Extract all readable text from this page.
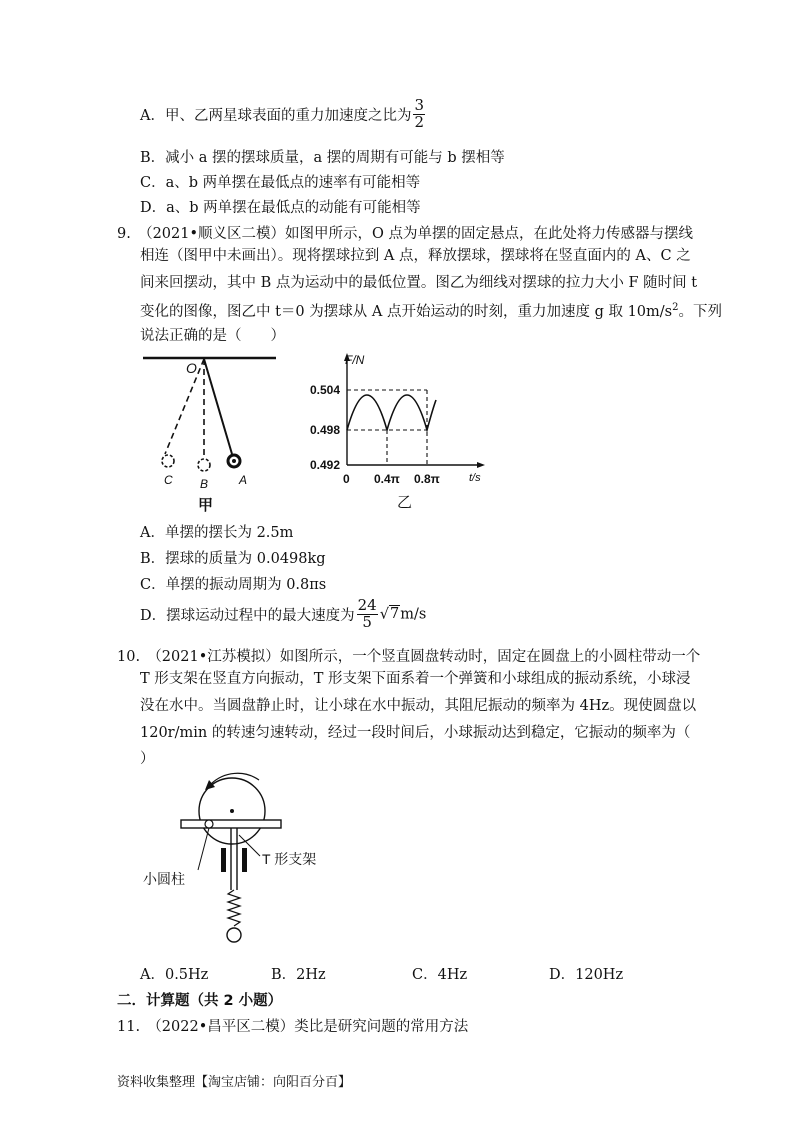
A．甲、乙两星球表面的重力加速度之比为 $\frac{3}{2}$
B．减小 a 摆的摆球质量，a 摆的周期有可能与 b 摆相等
C．a、b 两单摆在最低点的速率有可能相等
D．a、b 两单摆在最低点的动能有可能相等
9.　（2021•顺义区二模）如图甲所示，O 点为单摆的固定悬点，在此处将力传感器与摆线
相连（图甲中未画出）。现将摆球拉到 A 点，释放摆球，摆球将在竖直面内的 A、C 之
间来回摆动，其中 B 点为运动中的最低位置。图乙为细线对摆球的拉力大小 F 随时间 t
变化的图像，图乙中 t＝0 为摆球从 A 点开始运动的时刻，重力加速度 g 取 $10m/s^2$。下列
说法正确的是（　　）
O
C B	A
甲
F/N
t/s
0.504
0.498
0.492
0 0.4π 0.8π
乙
A．单摆的摆长为 2.5m
B．摆球的质量为 0.0498kg
C．单摆的振动周期为 0.8πs
D．摆球运动过程中的最大速度为 $\frac{24}{5} √7m/s$
10.　（2021•江苏模拟）如图所示，一个竖直圆盘转动时，固定在圆盘上的小圆柱带动一个
T 形支架在竖直方向振动，T 形支架下面系着一个弹簧和小球组成的振动系统，小球浸
没在水中。当圆盘静止时，让小球在水中振动，其阻尼振动的频率为 4Hz。现使圆盘以
120r/min 的转速匀速转动，经过一段时间后，小球振动达到稳定，它振动的频率为（
）
小圆柱
T 形支架
A．0.5Hz	B．2Hz	C．4Hz	D．120Hz
二．计算题（共 2 小题）
11.　（2022•昌平区二模）类比是研究问题的常用方法
资料收集整理【淘宝店铺：向阳百分百】
